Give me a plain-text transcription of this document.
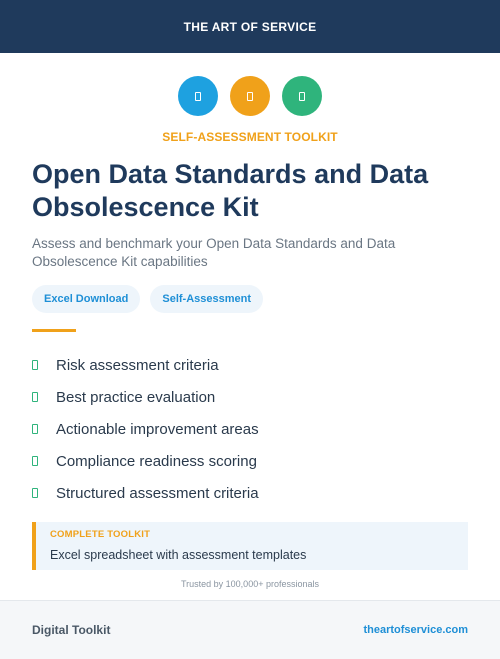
THE ART OF SERVICE
SELF-ASSESSMENT TOOLKIT
Open Data Standards and Data Obsolescence Kit
Assess and benchmark your Open Data Standards and Data Obsolescence Kit capabilities
Excel Download	Self-Assessment
Risk assessment criteria
Best practice evaluation
Actionable improvement areas
Compliance readiness scoring
Structured assessment criteria
COMPLETE TOOLKIT
Excel spreadsheet with assessment templates
Trusted by 100,000+ professionals
Digital Toolkit	theartofservice.com
